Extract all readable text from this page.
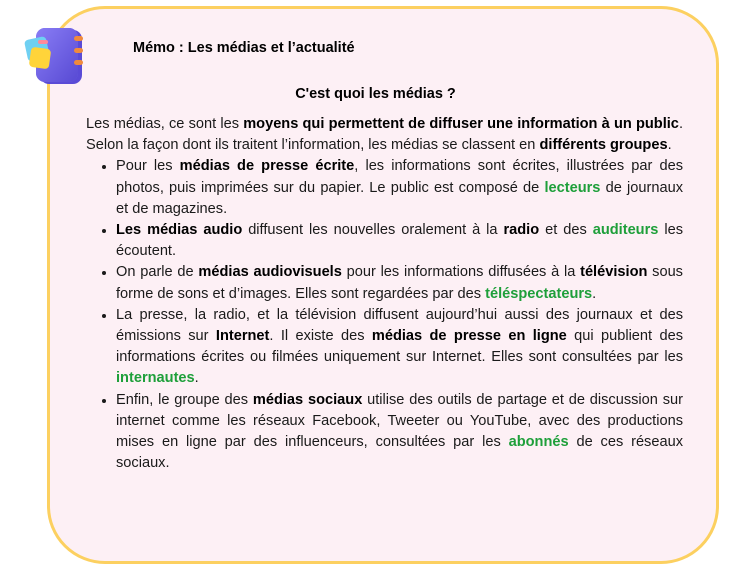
Mémo : Les médias et l’actualité
C'est quoi les médias ?

Les médias, ce sont les moyens qui permettent de diffuser une information à un public. Selon la façon dont ils traitent l’information, les médias se classent en différents groupes.

• Pour les médias de presse écrite, les informations sont écrites, illustrées par des photos, puis imprimées sur du papier. Le public est composé de lecteurs de journaux et de magazines.
• Les médias audio diffusent les nouvelles oralement à la radio et des auditeurs les écoutent.
• On parle de médias audiovisuels pour les informations diffusées à la télévision sous forme de sons et d’images. Elles sont regardées par des téléspectateurs.
• La presse, la radio, et la télévision diffusent aujourd’hui aussi des journaux et des émissions sur Internet. Il existe des médias de presse en ligne qui publient des informations écrites ou filmées uniquement sur Internet. Elles sont consultées par les internautes.
• Enfin, le groupe des médias sociaux utilise des outils de partage et de discussion sur internet comme les réseaux Facebook, Tweeter ou YouTube, avec des productions mises en ligne par des influenceurs, consultées par les abonnés de ces réseaux sociaux.
